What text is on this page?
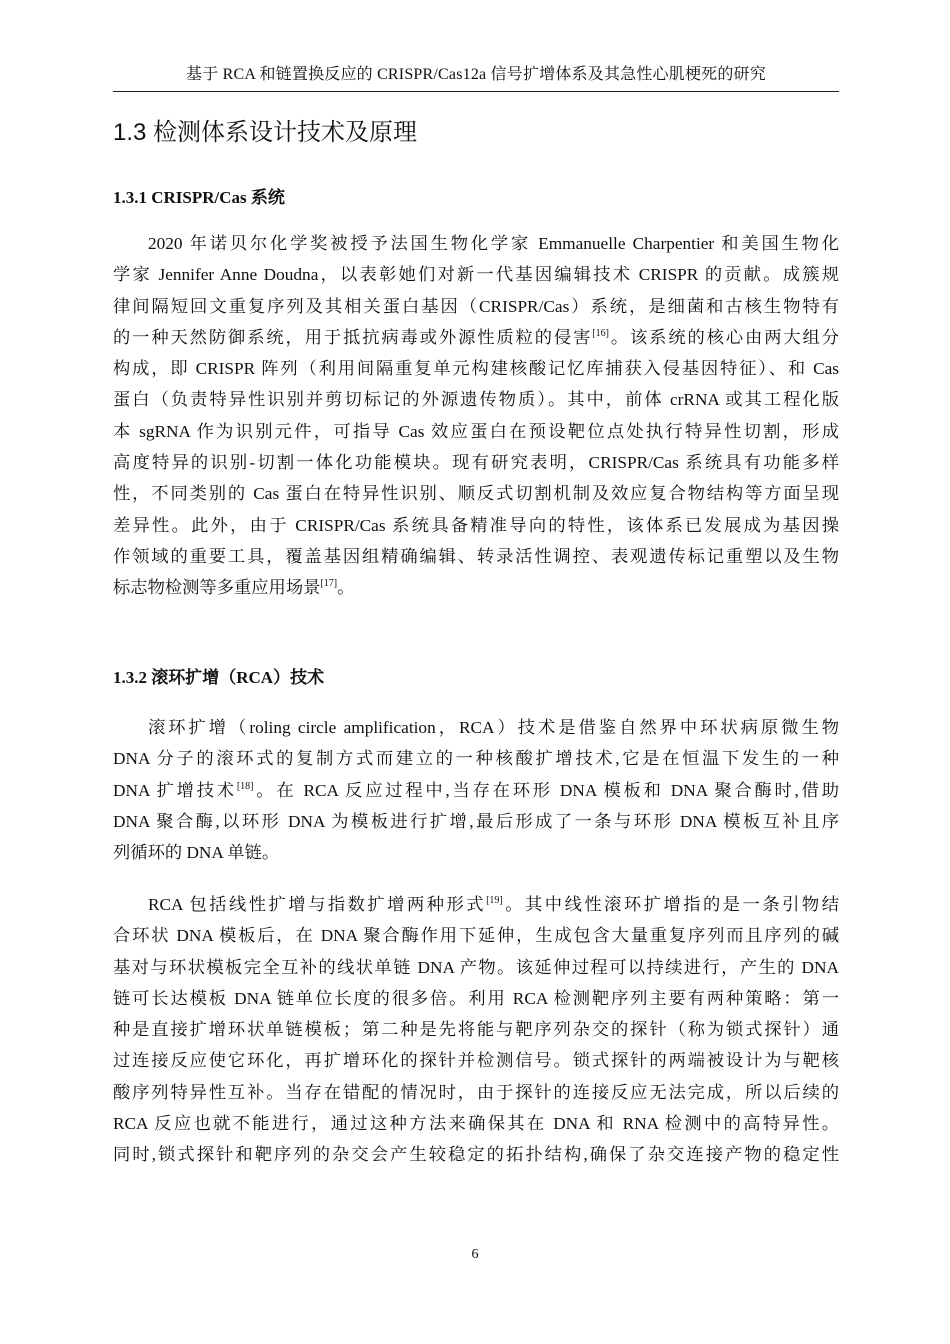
基于 RCA 和链置换反应的 CRISPR/Cas12a 信号扩增体系及其急性心肌梗死的研究
1.3 检测体系设计技术及原理
1.3.1 CRISPR/Cas 系统
2020 年诺贝尔化学奖被授予法国生物化学家 Emmanuelle Charpentier 和美国生物化
学家 Jennifer Anne Doudna，以表彰她们对新一代基因编辑技术 CRISPR 的贡献。成簇规
律间隔短回文重复序列及其相关蛋白基因（CRISPR/Cas）系统，是细菌和古核生物特有
的一种天然防御系统，用于抵抗病毒或外源性质粒的侵害[16]。该系统的核心由两大组分
构成，即 CRISPR 阵列（利用间隔重复单元构建核酸记忆库捕获入侵基因特征）、和 Cas
蛋白（负责特异性识别并剪切标记的外源遗传物质）。其中，前体 crRNA 或其工程化版
本 sgRNA 作为识别元件，可指导 Cas 效应蛋白在预设靶位点处执行特异性切割，形成
高度特异的识别-切割一体化功能模块。现有研究表明，CRISPR/Cas 系统具有功能多样
性，不同类别的 Cas 蛋白在特异性识别、顺反式切割机制及效应复合物结构等方面呈现
差异性。此外，由于 CRISPR/Cas 系统具备精准导向的特性，该体系已发展成为基因操
作领域的重要工具，覆盖基因组精确编辑、转录活性调控、表观遗传标记重塑以及生物
标志物检测等多重应用场景[17]。
1.3.2 滚环扩增（RCA）技术
滚环扩增（roling circle amplification，RCA）技术是借鉴自然界中环状病原微生物
DNA 分子的滚环式的复制方式而建立的一种核酸扩增技术,它是在恒温下发生的一种
DNA 扩增技术[18]。在 RCA 反应过程中,当存在环形 DNA 模板和 DNA 聚合酶时,借助
DNA 聚合酶,以环形 DNA 为模板进行扩增,最后形成了一条与环形 DNA 模板互补且序
列循环的 DNA 单链。
RCA 包括线性扩增与指数扩增两种形式[19]。其中线性滚环扩增指的是一条引物结
合环状 DNA 模板后，在 DNA 聚合酶作用下延伸，生成包含大量重复序列而且序列的碱
基对与环状模板完全互补的线状单链 DNA 产物。该延伸过程可以持续进行，产生的 DNA
链可长达模板 DNA 链单位长度的很多倍。利用 RCA 检测靶序列主要有两种策略：第一
种是直接扩增环状单链模板；第二种是先将能与靶序列杂交的探针（称为锁式探针）通
过连接反应使它环化，再扩增环化的探针并检测信号。锁式探针的两端被设计为与靶核
酸序列特异性互补。当存在错配的情况时，由于探针的连接反应无法完成，所以后续的
RCA 反应也就不能进行，通过这种方法来确保其在 DNA 和 RNA 检测中的高特异性。
同时,锁式探针和靶序列的杂交会产生较稳定的拓扑结构,确保了杂交连接产物的稳定性
6
